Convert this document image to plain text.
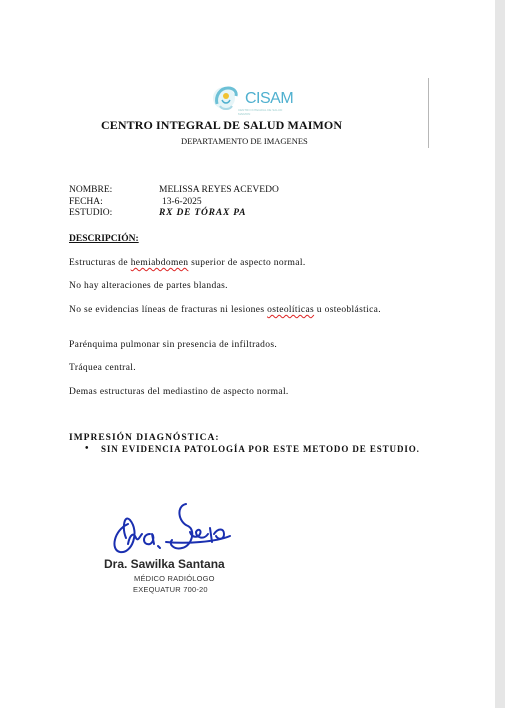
CISAM
CENTRO INTEGRAL DE SALUD MAIMON
CENTRO INTEGRAL DE SALUD MAIMON
DEPARTAMENTO DE IMAGENES
NOMBRE:	MELISSA REYES ACEVEDO
FECHA:	13-6-2025
ESTUDIO:	RX DE TÓRAX PA
DESCRIPCIÓN:
Estructuras de hemiabdomen superior de aspecto normal.
No hay alteraciones de partes blandas.
No se evidencias líneas de fracturas ni lesiones osteolíticas u osteoblástica.
Parénquima pulmonar sin presencia de infiltrados.
Tráquea central.
Demas estructuras del mediastino de aspecto normal.
IMPRESIÓN DIAGNÓSTICA:
• SIN EVIDENCIA PATOLOGÍA POR ESTE METODO DE ESTUDIO.
Dra. Sawilka Santana
MÉDICO RADIÓLOGO
EXEQUATUR 700-20
